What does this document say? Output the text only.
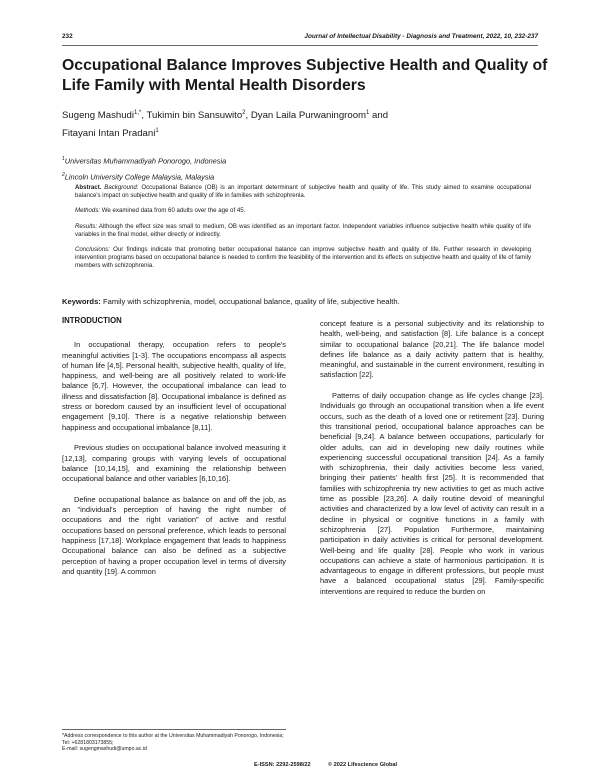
232	Journal of Intellectual Disability - Diagnosis and Treatment, 2022, 10, 232-237
Occupational Balance Improves Subjective Health and Quality of Life Family with Mental Health Disorders

Sugeng Mashudi$^{1,*}$, Tukimin bin Sansuwito$^2$, Dyan Laila Purwaningroom$^1$ and
Fitayani Intan Pradani$^1$

$^1$Universitas Muhammadiyah Ponorogo, Indonesia

$^2$Lincoln University College Malaysia, Malaysia

Abstract. Background: Occupational Balance (OB) is an important determinant of subjective health and quality of life. This study aimed to examine occupational balance's impact on subjective health and quality of life in families with schizophrenia.

Methods: We examined data from 60 adults over the age of 45.

Results: Although the effect size was small to medium, OB was identified as an important factor. Independent variables influence subjective health while quality of life variables in the final model, either directly or indirectly.

Conclusions: Our findings indicate that promoting better occupational balance can improve subjective health and quality of life. Further research in developing intervention programs based on occupational balance is needed to confirm the feasibility of the intervention and its effects on subjective health and quality of life of family members with schizophrenia.

Keywords: Family with schizophrenia, model, occupational balance, quality of life, subjective health.

INTRODUCTION

In occupational therapy, occupation refers to people's meaningful activities [1-3]. The occupations encompass all aspects of human life [4,5]. Personal health, subjective health, quality of life, happiness, and well-being are all positively related to work-life balance [6,7]. However, the occupational imbalance can lead to illness and dissatisfaction [8]. Occupational imbalance is defined as stress or boredom caused by an insufficient level of occupational engagement [9,10]. There is a negative relationship between happiness and occupational imbalance [8,11].

Previous studies on occupational balance involved measuring it [12,13], comparing groups with varying levels of occupational balance [10,14,15], and examining the relationship between occupational balance and other variables [6,10,16].

Define occupational balance as balance on and off the job, as an "individual's perception of having the right number of occupations and the right variation" of active and restful occupations based on personal preference, which leads to personal happiness [17,18]. Workplace engagement that leads to happiness Occupational balance can also be defined as a subjective perception of having a proper occupation level in terms of diversity and quantity [19]. A common

concept feature is a personal subjectivity and its relationship to health, well-being, and satisfaction [8]. Life balance is a concept similar to occupational balance [20,21]. The life balance model defines life balance as a daily activity pattern that is healthy, meaningful, and sustainable in the current environment, resulting in satisfaction [22].

Patterns of daily occupation change as life cycles change [23]. Individuals go through an occupational transition when a life event occurs, such as the death of a loved one or retirement [23]. During this transitional period, occupational balance approaches can be beneficial [9,24]. A balance between occupations, particularly for older adults, can aid in developing new daily routines while experiencing successful occupational transition [24]. As a family with schizophrenia, their daily activities become less varied, bringing their patients' health first [25]. It is recommended that families with schizophrenia try new activities to get as much active time as possible [23,26]. A daily routine devoid of meaningful activities and characterized by a low level of activity can result in a decline in physical or cognitive functions in a family with schizophrenia [27]. Population Furthermore, maintaining participation in daily activities is critical for personal development. Well-being and life quality [28]. People who work in various occupations can achieve a state of harmonious participation. It is advantageous to engage in different professions, but people must have a balanced occupational status [29]. Family-specific interventions are required to reduce the burden on

*Address correspondence to this author at the Universitas Muhammadiyah Ponorogo, Indonesia; Tel: +6281803173855;
E-mail: sugengmashudi@umpo.ac.id
E-ISSN: 2292-2598/22	© 2022 Lifescience Global
